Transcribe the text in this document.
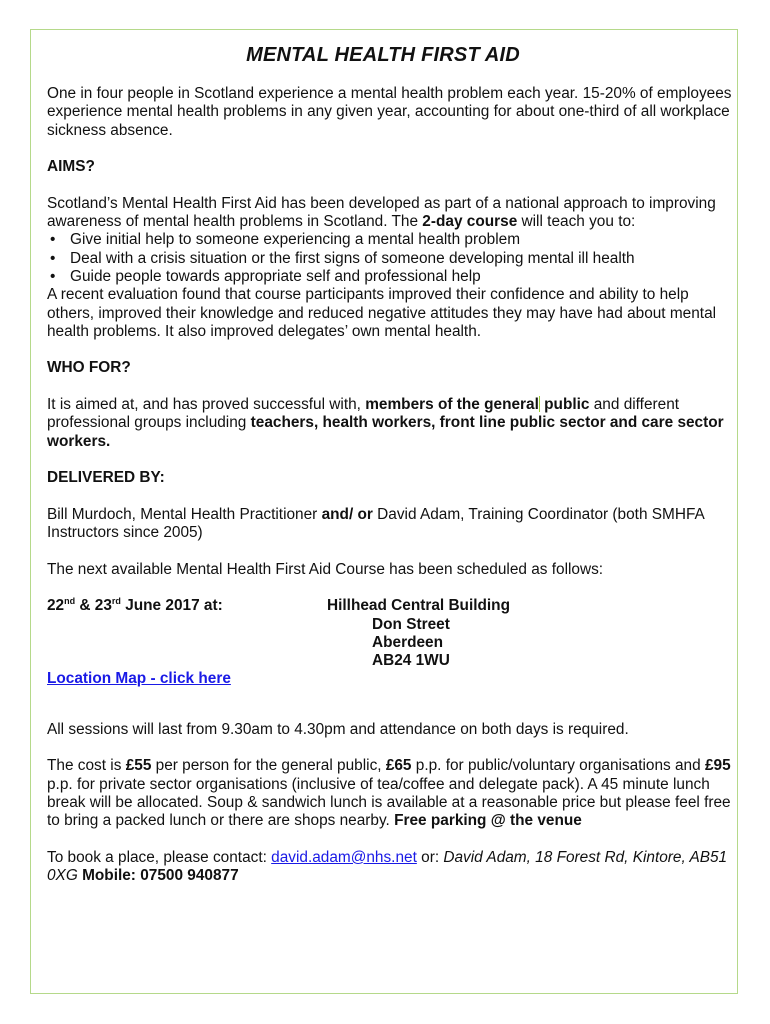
MENTAL HEALTH FIRST AID

One in four people in Scotland experience a mental health problem each year. 15-20% of employees experience mental health problems in any given year, accounting for about one-third of all workplace sickness absence.

AIMS?

Scotland’s Mental Health First Aid has been developed as part of a national approach to improving awareness of mental health problems in Scotland. The 2-day course will teach you to:

• Give initial help to someone experiencing a mental health problem
• Deal with a crisis situation or the first signs of someone developing mental ill health
• Guide people towards appropriate self and professional help

A recent evaluation found that course participants improved their confidence and ability to help others, improved their knowledge and reduced negative attitudes they may have had about mental health problems. It also improved delegates’ own mental health.

WHO FOR?

It is aimed at, and has proved successful with, members of the general public and different professional groups including teachers, health workers, front line public sector and care sector workers.

DELIVERED BY:

Bill Murdoch, Mental Health Practitioner and/ or David Adam, Training Coordinator (both SMHFA Instructors since 2005)

The next available Mental Health First Aid Course has been scheduled as follows:

22nd & 23rd June 2017 at:	Hillhead Central Building
Don Street
Aberdeen
AB24 1WU

Location Map - click here

All sessions will last from 9.30am to 4.30pm and attendance on both days is required.

The cost is £55 per person for the general public, £65 p.p. for public/voluntary organisations and £95 p.p. for private sector organisations (inclusive of tea/coffee and delegate pack). A 45 minute lunch break will be allocated. Soup & sandwich lunch is available at a reasonable price but please feel free to bring a packed lunch or there are shops nearby. Free parking @ the venue

To book a place, please contact: david.adam@nhs.net or: David Adam, 18 Forest Rd, Kintore, AB51 0XG Mobile: 07500 940877
